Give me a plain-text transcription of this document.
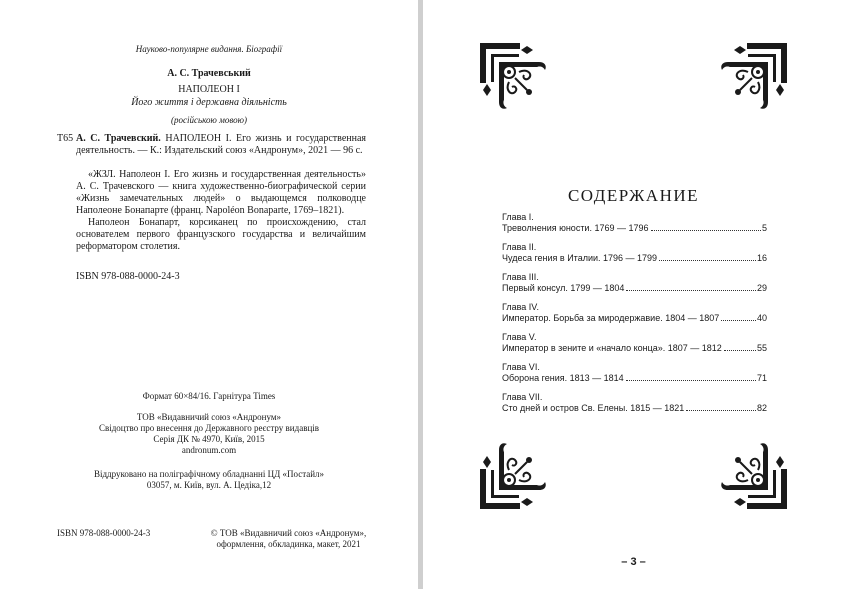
Науково-популярне видання. Біографії
А. С. Трачевський
НАПОЛЕОН I
Його життя і державна діяльність
(російською мовою)
Т65 А. С. Трачевский. НАПОЛЕОН I. Его жизнь и государственная деятельность. — К.: Издательский союз «Андронум», 2021 — 96 с.

«ЖЗЛ. Наполеон I. Его жизнь и государственная деятельность» А. С. Трачевского — книга художественно-биографической серии «Жизнь замечательных людей» о выдающемся полководце Наполеоне Бонапарте (франц. Napoléon Bonaparte, 1769–1821).

Наполеон Бонапарт, корсиканец по происхождению, стал основателем первого французского государства и величайшим реформатором столетия.

ISBN 978-088-0000-24-3
Формат 60×84/16. Гарнітура Times
ТОВ «Видавничий союз «Андронум»
Свідоцтво про внесення до Державного реєстру видавців
Серія ДК № 4970, Київ, 2015
andronum.com
Віддруковано на поліграфічному обладнанні ЦД «Постайл»
03057, м. Київ, вул. А. Цедіка,12
ISBN 978-088-0000-24-3	© ТОВ «Видавничий союз «Андронум»,
оформлення, обкладинка, макет, 2021
СОДЕРЖАНИЕ
Глава I.
Треволнения юности. 1769 — 1796	5
Глава II.
Чудеса гения в Италии. 1796 — 1799	16
Глава III.
Первый консул. 1799 — 1804	29
Глава IV.
Император. Борьба за миродержавие. 1804 — 1807	40
Глава V.
Император в зените и «начало конца». 1807 — 1812	55
Глава VI.
Оборона гения. 1813 — 1814	71
Глава VII.
Сто дней и остров Св. Елены. 1815 — 1821	82
– 3 –
